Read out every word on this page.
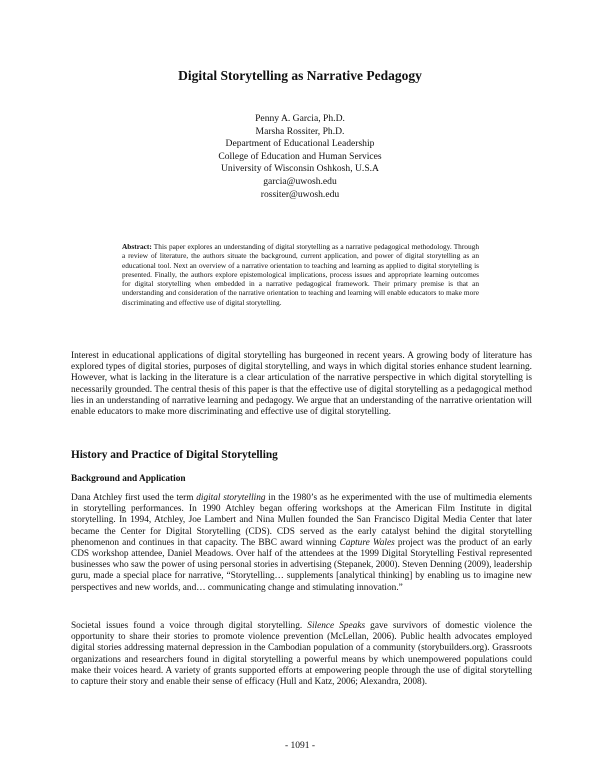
Digital Storytelling as Narrative Pedagogy
Penny A. Garcia, Ph.D.
Marsha Rossiter, Ph.D.
Department of Educational Leadership
College of Education and Human Services
University of Wisconsin Oshkosh, U.S.A
garcia@uwosh.edu
rossiter@uwosh.edu
Abstract: This paper explores an understanding of digital storytelling as a narrative pedagogical methodology. Through a review of literature, the authors situate the background, current application, and power of digital storytelling as an educational tool. Next an overview of a narrative orientation to teaching and learning as applied to digital storytelling is presented. Finally, the authors explore epistemological implications, process issues and appropriate learning outcomes for digital storytelling when embedded in a narrative pedagogical framework. Their primary premise is that an understanding and consideration of the narrative orientation to teaching and learning will enable educators to make more discriminating and effective use of digital storytelling.
Interest in educational applications of digital storytelling has burgeoned in recent years. A growing body of literature has explored types of digital stories, purposes of digital storytelling, and ways in which digital stories enhance student learning. However, what is lacking in the literature is a clear articulation of the narrative perspective in which digital storytelling is necessarily grounded. The central thesis of this paper is that the effective use of digital storytelling as a pedagogical method lies in an understanding of narrative learning and pedagogy. We argue that an understanding of the narrative orientation will enable educators to make more discriminating and effective use of digital storytelling.
History and Practice of Digital Storytelling
Background and Application
Dana Atchley first used the term digital storytelling in the 1980’s as he experimented with the use of multimedia elements in storytelling performances. In 1990 Atchley began offering workshops at the American Film Institute in digital storytelling. In 1994, Atchley, Joe Lambert and Nina Mullen founded the San Francisco Digital Media Center that later became the Center for Digital Storytelling (CDS). CDS served as the early catalyst behind the digital storytelling phenomenon and continues in that capacity. The BBC award winning Capture Wales project was the product of an early CDS workshop attendee, Daniel Meadows. Over half of the attendees at the 1999 Digital Storytelling Festival represented businesses who saw the power of using personal stories in advertising (Stepanek, 2000). Steven Denning (2009), leadership guru, made a special place for narrative, “Storytelling… supplements [analytical thinking] by enabling us to imagine new perspectives and new worlds, and… communicating change and stimulating innovation.”
Societal issues found a voice through digital storytelling. Silence Speaks gave survivors of domestic violence the opportunity to share their stories to promote violence prevention (McLellan, 2006). Public health advocates employed digital stories addressing maternal depression in the Cambodian population of a community (storybuilders.org). Grassroots organizations and researchers found in digital storytelling a powerful means by which unempowered populations could make their voices heard. A variety of grants supported efforts at empowering people through the use of digital storytelling to capture their story and enable their sense of efficacy (Hull and Katz, 2006; Alexandra, 2008).
- 1091 -
